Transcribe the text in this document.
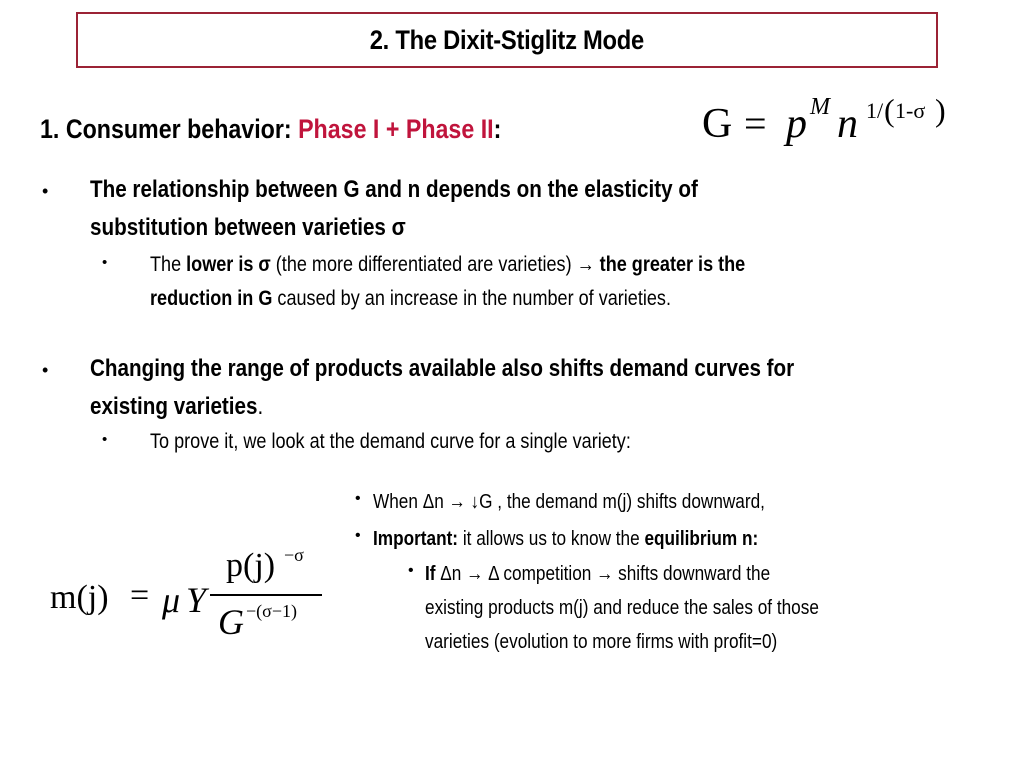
2. The Dixit-Stiglitz Mode
1. Consumer behavior: Phase I + Phase II:	G = p M n 1/ ( 1-σ )
• The relationship between G and n depends on the elasticity of
substitution between varieties σ
• The lower is σ (the more differentiated are varieties) → the greater is the
reduction in G caused by an increase in the number of varieties.
• Changing the range of products available also shifts demand curves for
existing varieties.
• To prove it, we look at the demand curve for a single variety:
• When Δn → ↓G , the demand m(j) shifts downward,
• Important: it allows us to know the equilibrium n:
• If Δn → Δ competition → shifts downward the
existing products m(j) and reduce the sales of those
varieties (evolution to more firms with profit=0)
m(j) = μ Y
p(j) −σ
G −(σ−1)
